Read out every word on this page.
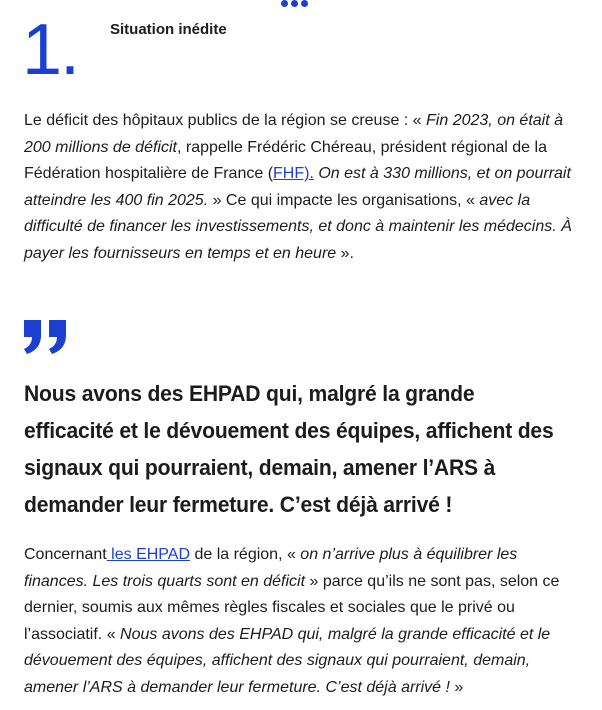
1. Situation inédite

Le déficit des hôpitaux publics de la région se creuse : « Fin 2023, on était à 200 millions de déficit, rappelle Frédéric Chéreau, président régional de la Fédération hospitalière de France (FHF). On est à 330 millions, et on pourrait atteindre les 400 fin 2025. » Ce qui impacte les organisations, « avec la difficulté de financer les investissements, et donc à maintenir les médecins. À payer les fournisseurs en temps et en heure ».

Nous avons des EHPAD qui, malgré la grande efficacité et le dévouement des équipes, affichent des signaux qui pourraient, demain, amener l’ARS à demander leur fermeture. C’est déjà arrivé !

Concernant les EHPAD de la région, « on n’arrive plus à équilibrer les finances. Les trois quarts sont en déficit » parce qu’ils ne sont pas, selon ce dernier, soumis aux mêmes règles fiscales et sociales que le privé ou l’associatif. « Nous avons des EHPAD qui, malgré la grande efficacité et le dévouement des équipes, affichent des signaux qui pourraient, demain, amener l’ARS à demander leur fermeture. C’est déjà arrivé ! »
